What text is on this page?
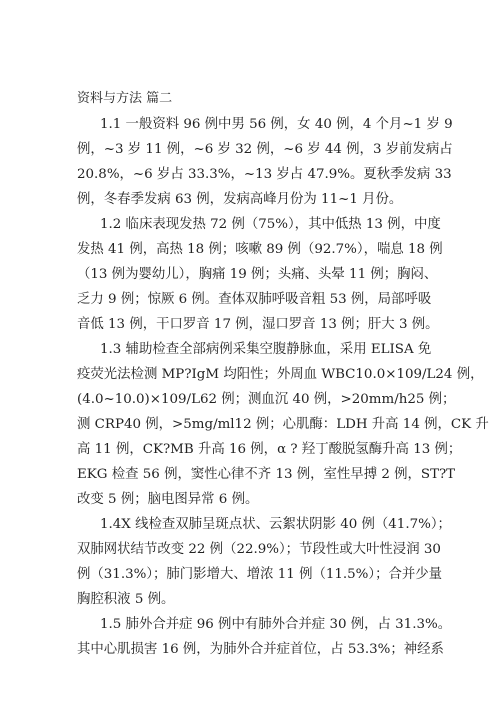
资料与方法 篇二
1.1 一般资料 96 例中男 56 例，女 40 例，4 个月~1 岁 9
例，~3 岁 11 例，~6 岁 32 例，~6 岁 44 例，3 岁前发病占
20.8%，~6 岁占 33.3%，~13 岁占 47.9%。夏秋季发病 33
例，冬春季发病 63 例，发病高峰月份为 11~1 月份。
1.2 临床表现发热 72 例（75%），其中低热 13 例，中度
发热 41 例，高热 18 例；咳嗽 89 例（92.7%），喘息 18 例
（13 例为婴幼儿），胸痛 19 例；头痛、头晕 11 例；胸闷、
乏力 9 例；惊厥 6 例。查体双肺呼吸音粗 53 例，局部呼吸
音低 13 例，干口罗音 17 例，湿口罗音 13 例；肝大 3 例。
1.3 辅助检查全部病例采集空腹静脉血，采用 ELISA 免
疫荧光法检测 MP?IgM 均阳性；外周血 WBC10.0×109/L24 例，
(4.0~10.0)×109/L62 例；测血沉 40 例，>20mm/h25 例；
测 CRP40 例，>5mg/ml12 例；心肌酶：LDH 升高 14 例，CK 升
高 11 例，CK?MB 升高 16 例，α ? 羟丁酸脱氢酶升高 13 例；
EKG 检查 56 例，窦性心律不齐 13 例，室性早搏 2 例，ST?T
改变 5 例；脑电图异常 6 例。
1.4X 线检查双肺呈斑点状、云絮状阴影 40 例（41.7%）；
双肺网状结节改变 22 例（22.9%）；节段性或大叶性浸润 30
例（31.3%）；肺门影增大、增浓 11 例（11.5%）；合并少量
胸腔积液 5 例。
1.5 肺外合并症 96 例中有肺外合并症 30 例，占 31.3%。
其中心肌损害 16 例，为肺外合并症首位，占 53.3%；神经系
